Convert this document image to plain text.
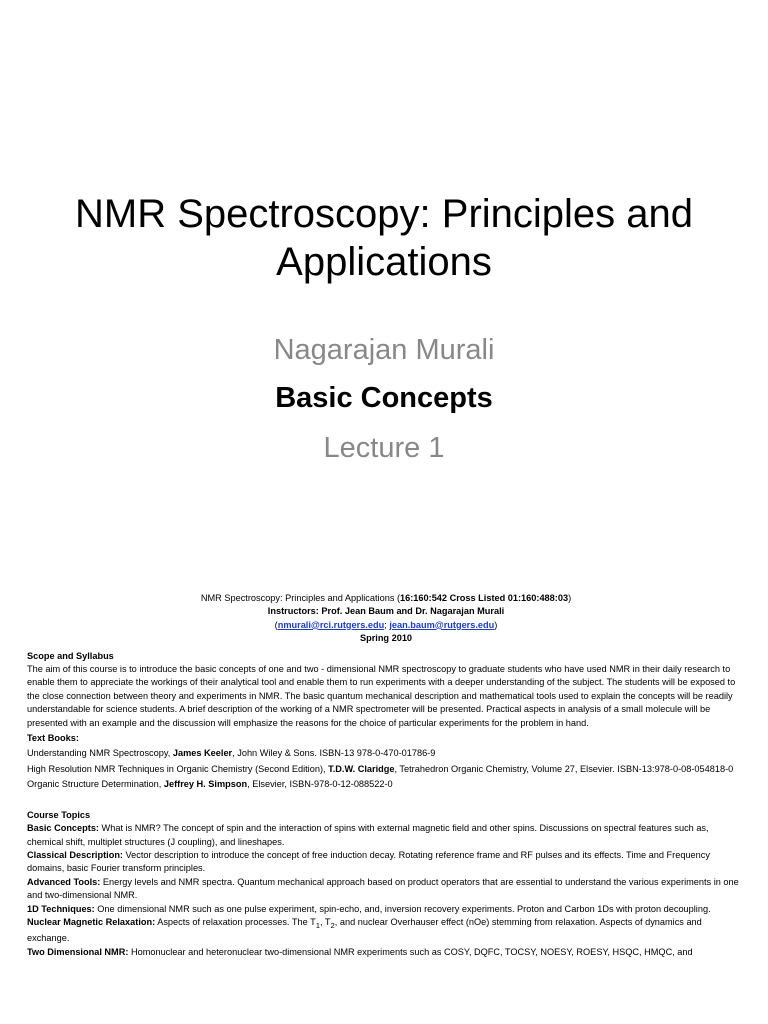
NMR Spectroscopy: Principles and Applications
Nagarajan Murali
Basic Concepts
Lecture 1

NMR Spectroscopy: Principles and Applications (16:160:542 Cross Listed 01:160:488:03)

Instructors: Prof. Jean Baum and Dr. Nagarajan Murali

(nmurali@rci.rutgers.edu; jean.baum@rutgers.edu)

Spring 2010

Scope and Syllabus

The aim of this course is to introduce the basic concepts of one and two - dimensional NMR spectroscopy to graduate students who have used NMR in their daily research to enable them to appreciate the workings of their analytical tool and enable them to run experiments with a deeper understanding of the subject. The students will be exposed to the close connection between theory and experiments in NMR. The basic quantum mechanical description and mathematical tools used to explain the concepts will be readily understandable for science students. A brief description of the working of a NMR spectrometer will be presented. Practical aspects in analysis of a small molecule will be presented with an example and the discussion will emphasize the reasons for the choice of particular experiments for the problem in hand.

Text Books:

Understanding NMR Spectroscopy, James Keeler, John Wiley & Sons. ISBN-13 978-0-470-01786-9

High Resolution NMR Techniques in Organic Chemistry (Second Edition), T.D.W. Claridge, Tetrahedron Organic Chemistry, Volume 27, Elsevier. ISBN-13:978-0-08-054818-0

Organic Structure Determination, Jeffrey H. Simpson, Elsevier, ISBN-978-0-12-088522-0

Course Topics

Basic Concepts: What is NMR? The concept of spin and the interaction of spins with external magnetic field and other spins. Discussions on spectral features such as, chemical shift, multiplet structures (J coupling), and lineshapes.

Classical Description: Vector description to introduce the concept of free induction decay. Rotating reference frame and RF pulses and its effects. Time and Frequency domains, basic Fourier transform principles.

Advanced Tools: Energy levels and NMR spectra. Quantum mechanical approach based on product operators that are essential to understand the various experiments in one and two-dimensional NMR.

1D Techniques: One dimensional NMR such as one pulse experiment, spin-echo, and, inversion recovery experiments. Proton and Carbon 1Ds with proton decoupling.

Nuclear Magnetic Relaxation: Aspects of relaxation processes. The $T_1$, $T_2$, and nuclear Overhauser effect (nOe) stemming from relaxation. Aspects of dynamics and exchange.

Two Dimensional NMR: Homonuclear and heteronuclear two-dimensional NMR experiments such as COSY, DQFC, TOCSY, NOESY, ROESY, HSQC, HMQC, and
